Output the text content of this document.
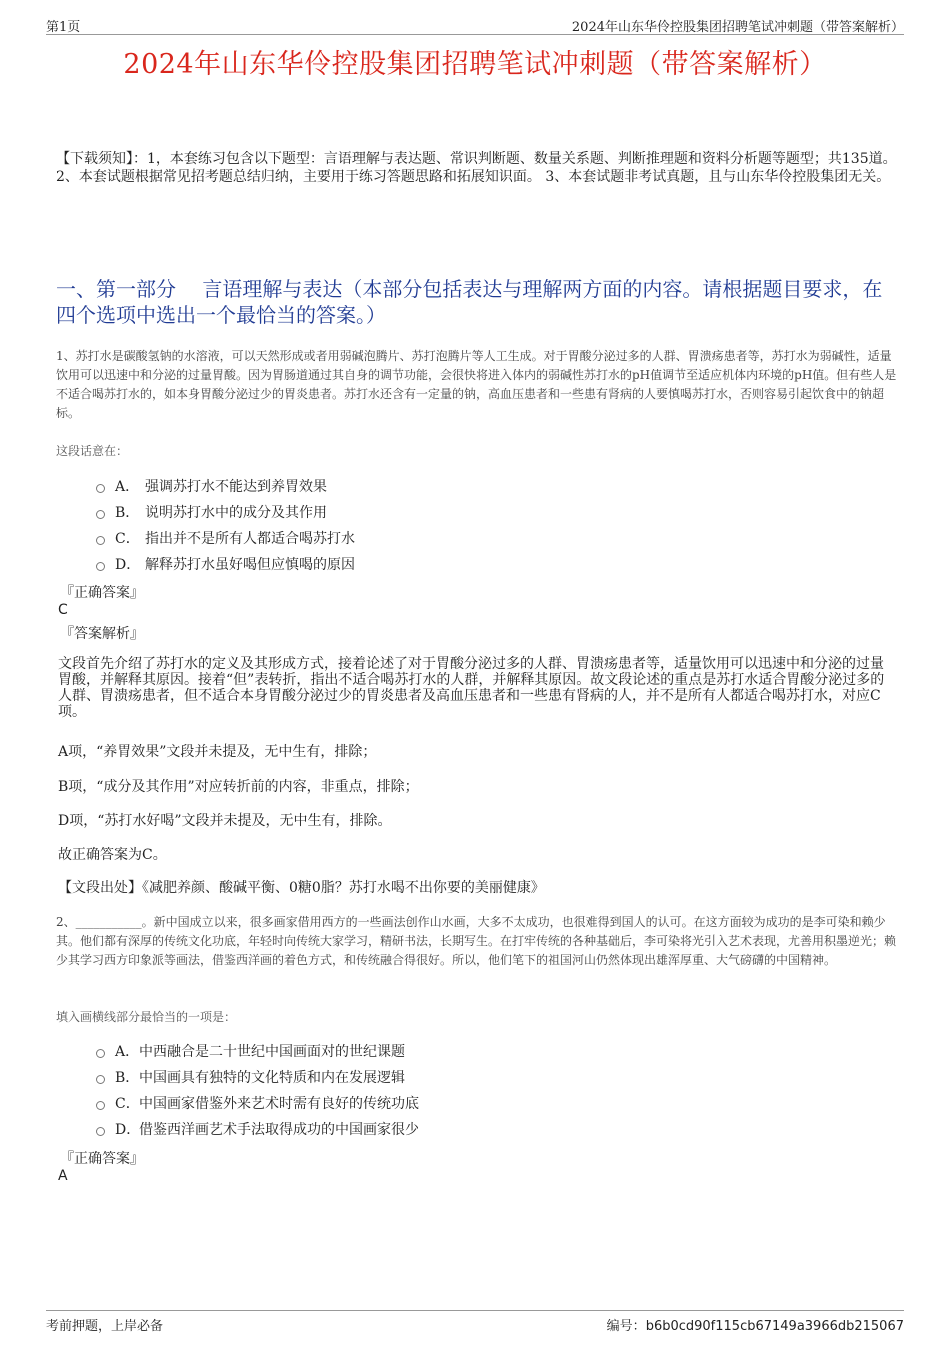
第1页	2024年山东华伶控股集团招聘笔试冲刺题（带答案解析）
2024年山东华伶控股集团招聘笔试冲刺题（带答案解析）
【下载须知】：1，本套练习包含以下题型：言语理解与表达题、常识判断题、数量关系题、判断推理题和资料分析题等题型；共135道。 2、本套试题根据常见招考题总结归纳，主要用于练习答题思路和拓展知识面。 3、本套试题非考试真题，且与山东华伶控股集团无关。
一、第一部分　 言语理解与表达（本部分包括表达与理解两方面的内容。请根据题目要求，在四个选项中选出一个最恰当的答案。）
1、苏打水是碳酸氢钠的水溶液，可以天然形成或者用弱碱泡腾片、苏打泡腾片等人工生成。对于胃酸分泌过多的人群、胃溃疡患者等，苏打水为弱碱性，适量饮用可以迅速中和分泌的过量胃酸。因为胃肠道通过其自身的调节功能，会很快将进入体内的弱碱性苏打水的pH值调节至适应机体内环境的pH值。但有些人是不适合喝苏打水的，如本身胃酸分泌过少的胃炎患者。苏打水还含有一定量的钠，高血压患者和一些患有肾病的人要慎喝苏打水，否则容易引起饮食中的钠超标。
这段话意在：
A． 强调苏打水不能达到养胃效果
B． 说明苏打水中的成分及其作用
C． 指出并不是所有人都适合喝苏打水
D． 解释苏打水虽好喝但应慎喝的原因
『正确答案』
C
『答案解析』
文段首先介绍了苏打水的定义及其形成方式，接着论述了对于胃酸分泌过多的人群、胃溃疡患者等，适量饮用可以迅速中和分泌的过量胃酸，并解释其原因。接着“但”表转折，指出不适合喝苏打水的人群，并解释其原因。故文段论述的重点是苏打水适合胃酸分泌过多的人群、胃溃疡患者，但不适合本身胃酸分泌过少的胃炎患者及高血压患者和一些患有肾病的人，并不是所有人都适合喝苏打水，对应C项。
A项，“养胃效果”文段并未提及，无中生有，排除；
B项，“成分及其作用”对应转折前的内容，非重点，排除；
D项，“苏打水好喝”文段并未提及，无中生有，排除。
故正确答案为C。
【文段出处】《减肥养颜、酸碱平衡、0糖0脂？苏打水喝不出你要的美丽健康》
2、___________。新中国成立以来，很多画家借用西方的一些画法创作山水画，大多不太成功，也很难得到国人的认可。在这方面较为成功的是李可染和赖少其。他们都有深厚的传统文化功底，年轻时向传统大家学习，精研书法，长期写生。在打牢传统的各种基础后，李可染将光引入艺术表现，尤善用积墨逆光；赖少其学习西方印象派等画法，借鉴西洋画的着色方式，和传统融合得很好。所以，他们笔下的祖国河山仍然体现出雄浑厚重、大气磅礴的中国精神。
填入画横线部分最恰当的一项是：
A． 中西融合是二十世纪中国画面对的世纪课题
B． 中国画具有独特的文化特质和内在发展逻辑
C． 中国画家借鉴外来艺术时需有良好的传统功底
D．
借鉴西洋画艺术手法取得成功的中国画家很少
『正确答案』
A
考前押题，上岸必备	编号：b6b0cd90f115cb67149a3966db215067
